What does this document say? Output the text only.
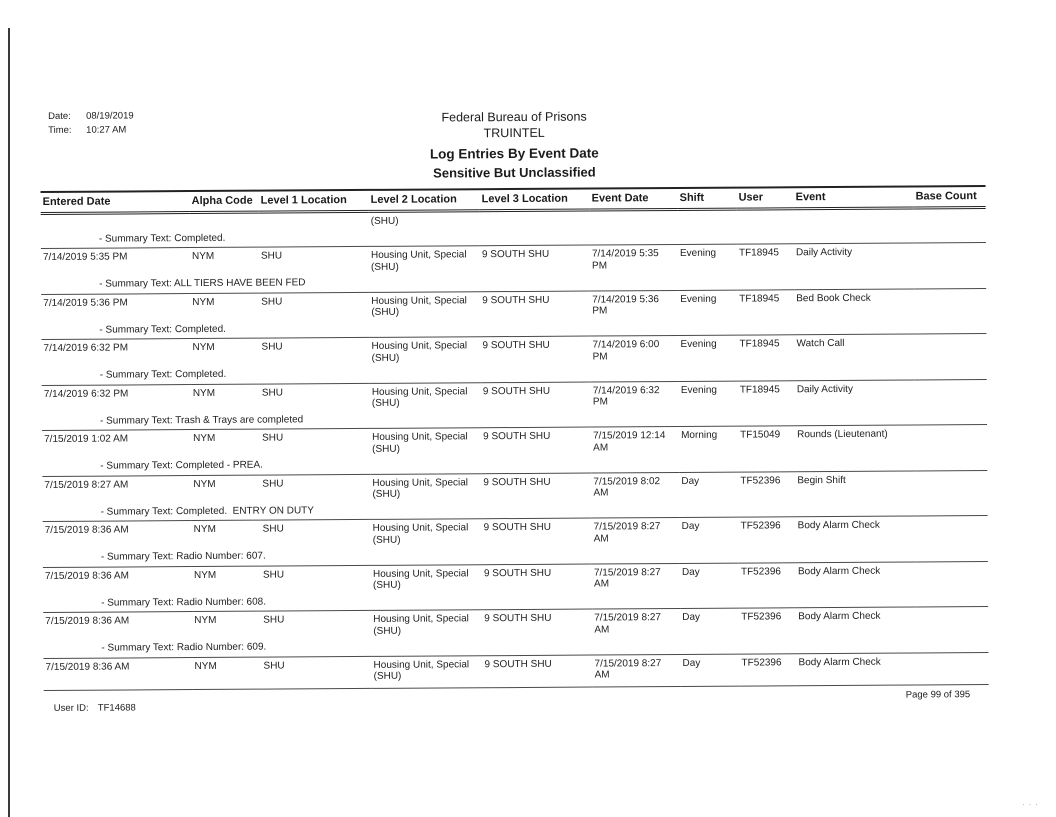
···
Date: 08/19/2019
Time: 10:27 AM
Federal Bureau of Prisons
TRUINTEL
Log Entries By Event Date
Sensitive But Unclassified
Entered Date	Alpha Code	Level 1 Location	Level 2 Location	Level 3 Location	Event Date	Shift	User	Event	Base Count
			(SHU)						
- Summary Text: Completed.									
7/14/2019 5:35 PM	NYM	SHU	Housing Unit, Special (SHU)	9 SOUTH SHU	7/14/2019 5:35 PM	Evening	TF18945	Daily Activity	
- Summary Text: ALL TIERS HAVE BEEN FED									
7/14/2019 5:36 PM	NYM	SHU	Housing Unit, Special (SHU)	9 SOUTH SHU	7/14/2019 5:36 PM	Evening	TF18945	Bed Book Check	
- Summary Text: Completed.									
7/14/2019 6:32 PM	NYM	SHU	Housing Unit, Special (SHU)	9 SOUTH SHU	7/14/2019 6:00 PM	Evening	TF18945	Watch Call	
- Summary Text: Completed.									
7/14/2019 6:32 PM	NYM	SHU	Housing Unit, Special (SHU)	9 SOUTH SHU	7/14/2019 6:32 PM	Evening	TF18945	Daily Activity	
- Summary Text: Trash & Trays are completed									
7/15/2019 1:02 AM	NYM	SHU	Housing Unit, Special (SHU)	9 SOUTH SHU	7/15/2019 12:14 AM	Morning	TF15049	Rounds (Lieutenant)	
- Summary Text: Completed - PREA.									
7/15/2019 8:27 AM	NYM	SHU	Housing Unit, Special (SHU)	9 SOUTH SHU	7/15/2019 8:02 AM	Day	TF52396	Begin Shift	
- Summary Text: Completed.  ENTRY ON DUTY									
7/15/2019 8:36 AM	NYM	SHU	Housing Unit, Special (SHU)	9 SOUTH SHU	7/15/2019 8:27 AM	Day	TF52396	Body Alarm Check	
- Summary Text: Radio Number: 607.									
7/15/2019 8:36 AM	NYM	SHU	Housing Unit, Special (SHU)	9 SOUTH SHU	7/15/2019 8:27 AM	Day	TF52396	Body Alarm Check	
- Summary Text: Radio Number: 608.									
7/15/2019 8:36 AM	NYM	SHU	Housing Unit, Special (SHU)	9 SOUTH SHU	7/15/2019 8:27 AM	Day	TF52396	Body Alarm Check	
- Summary Text: Radio Number: 609.									
7/15/2019 8:36 AM	NYM	SHU	Housing Unit, Special (SHU)	9 SOUTH SHU	7/15/2019 8:27 AM	Day	TF52396	Body Alarm Check	

User ID: TF14688
Page 99 of 395
